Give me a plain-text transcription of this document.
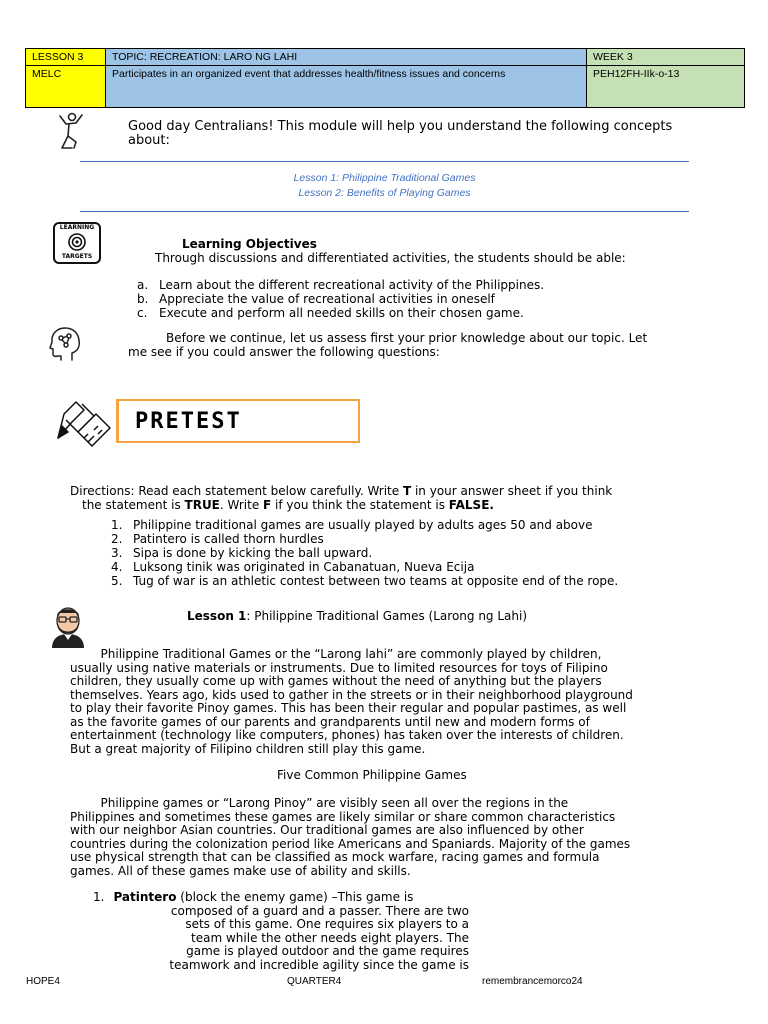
LESSON 3	TOPIC: RECREATION: LARO NG LAHI	WEEK 3
MELC	Participates in an organized event that addresses health/fitness issues and concerns	PEH12FH-IIk-o-13
Good day Centralians! This module will help you understand the following concepts about:
Lesson 1: Philippine Traditional Games
Lesson 2: Benefits of Playing Games
LEARNING
TARGETS
Learning Objectives
Through discussions and differentiated activities, the students should be able:
a. Learn about the different recreational activity of the Philippines.
b. Appreciate the value of recreational activities in oneself
c. Execute and perform all needed skills on their chosen game.
Before we continue, let us assess first your prior knowledge about our topic. Let
me see if you could answer the following questions:
PRETEST
Directions: Read each statement below carefully. Write T in your answer sheet if you think
the statement is TRUE. Write F if you think the statement is FALSE.
1. Philippine traditional games are usually played by adults ages 50 and above
2. Patintero is called thorn hurdles
3. Sipa is done by kicking the ball upward.
4. Luksong tinik was originated in Cabanatuan, Nueva Ecija
5. Tug of war is an athletic contest between two teams at opposite end of the rope.
Lesson 1: Philippine Traditional Games (Larong ng Lahi)
Philippine Traditional Games or the “Larong lahi” are commonly played by children,
usually using native materials or instruments. Due to limited resources for toys of Filipino
children, they usually come up with games without the need of anything but the players
themselves. Years ago, kids used to gather in the streets or in their neighborhood playground
to play their favorite Pinoy games. This has been their regular and popular pastimes, as well
as the favorite games of our parents and grandparents until new and modern forms of
entertainment (technology like computers, phones) has taken over the interests of children.
But a great majority of Filipino children still play this game.
Five Common Philippine Games
Philippine games or “Larong Pinoy” are visibly seen all over the regions in the
Philippines and sometimes these games are likely similar or share common characteristics
with our neighbor Asian countries. Our traditional games are also influenced by other
countries during the colonization period like Americans and Spaniards. Majority of the games
use physical strength that can be classified as mock warfare, racing games and formula
games. All of these games make use of ability and skills.
1. Patintero (block the enemy game) –This game is
composed of a guard and a passer. There are two
sets of this game. One requires six players to a
team while the other needs eight players. The
game is played outdoor and the game requires
teamwork and incredible agility since the game is
HOPE4	QUARTER4	remembrancemorco24
